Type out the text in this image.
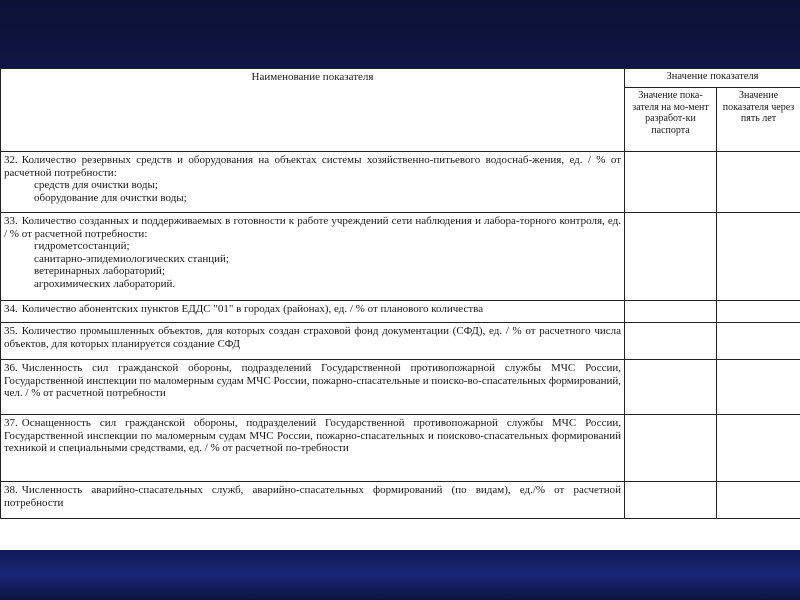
Наименование показателя	Значение показателя	
	Значение пока-зателя на мо-мент разработ-ки паспорта	Значение показателя через пять лет
32. Количество резервных средств и оборудования на объектах системы хозяйственно-питьевого водоснаб-жения, ед. / % от расчетной потребности:
средств для очистки воды;
оборудование для очистки воды;		

33. Количество созданных и поддерживаемых в готовности к работе учреждений сети наблюдения и лабора-торного контроля, ед. / % от расчетной потребности:
гидрометсостанций;
санитарно-эпидемиологических станций;
ветеринарных лабораторий;
агрохимических лабораторий.		

34. Количество абонентских пунктов ЕДДС "01" в городах (районах), ед. / % от планового количества		
35. Количество промышленных объектов, для которых создан страховой фонд документации (СФД), ед. / % от расчетного числа объектов, для которых планируется создание СФД		
36. Численность сил гражданской обороны, подразделений Государственной противопожарной службы МЧС России, Государственной инспекции по маломерным судам МЧС России, пожарно-спасательные и поиско-во-спасательных формирований, чел. / % от расчетной потребности		
37. Оснащенность сил гражданской обороны, подразделений Государственной противопожарной службы МЧС России, Государственной инспекции по маломерным судам МЧС России, пожарно-спасательных и поисково-спасательных формирований техникой и специальными средствами, ед. / % от расчетной по-требности		
38. Численность аварийно-спасательных служб, аварийно-спасательных формирований (по видам), ед./% от расчетной потребности		
